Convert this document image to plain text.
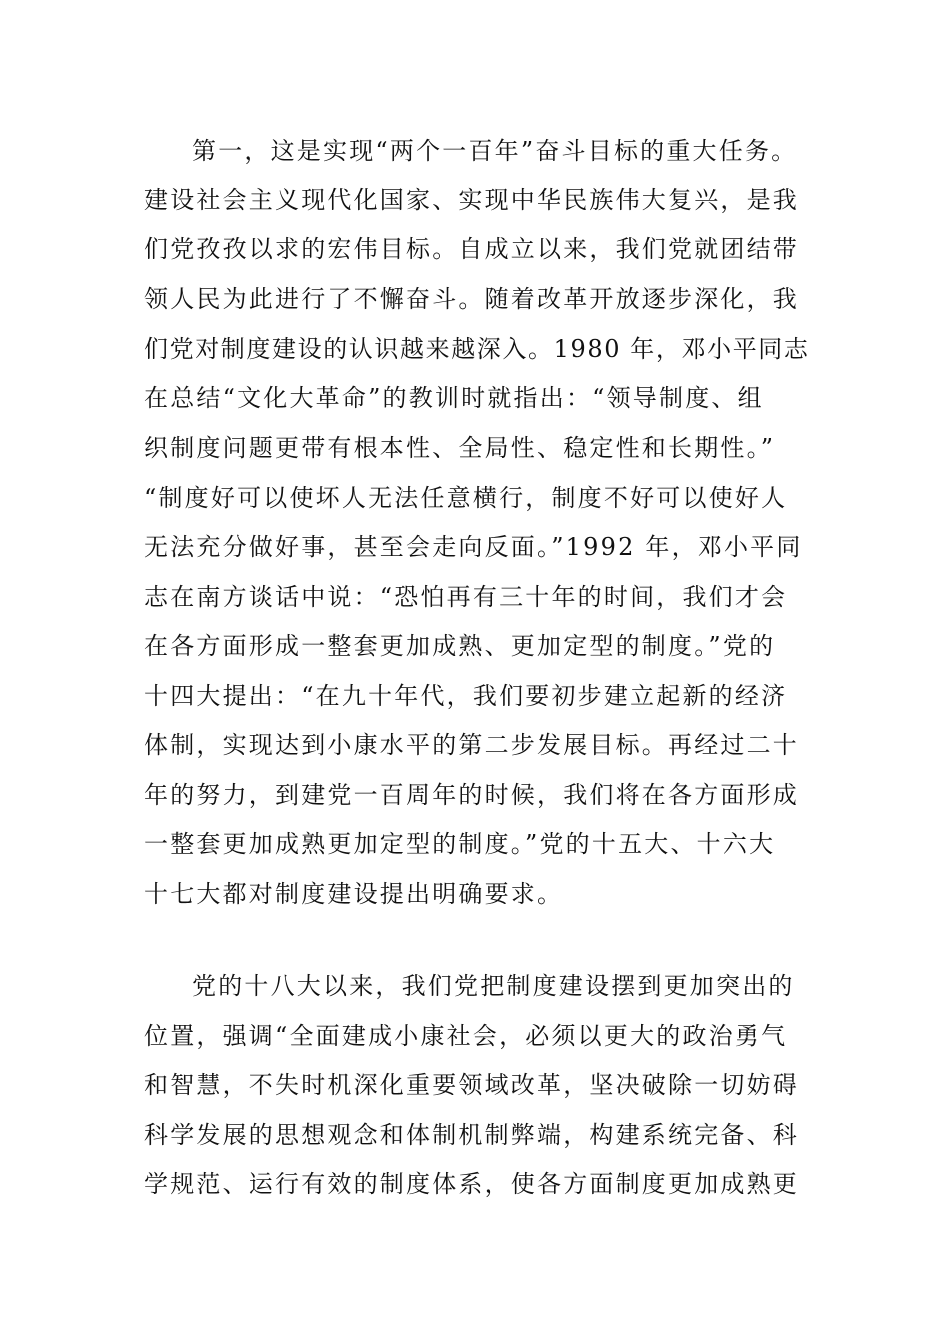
第一，这是实现“两个一百年”奋斗目标的重大任务。
建设社会主义现代化国家、实现中华民族伟大复兴，是我
们党孜孜以求的宏伟目标。自成立以来，我们党就团结带
领人民为此进行了不懈奋斗。随着改革开放逐步深化，我
们党对制度建设的认识越来越深入。1980 年，邓小平同志
在总结“文化大革命”的教训时就指出：“领导制度、组
织制度问题更带有根本性、全局性、稳定性和长期性。”
“制度好可以使坏人无法任意横行，制度不好可以使好人
无法充分做好事，甚至会走向反面。”1992 年，邓小平同
志在南方谈话中说：“恐怕再有三十年的时间，我们才会
在各方面形成一整套更加成熟、更加定型的制度。”党的
十四大提出：“在九十年代，我们要初步建立起新的经济
体制，实现达到小康水平的第二步发展目标。再经过二十
年的努力，到建党一百周年的时候，我们将在各方面形成
一整套更加成熟更加定型的制度。”党的十五大、十六大
十七大都对制度建设提出明确要求。
党的十八大以来，我们党把制度建设摆到更加突出的
位置，强调“全面建成小康社会，必须以更大的政治勇气
和智慧，不失时机深化重要领域改革，坚决破除一切妨碍
科学发展的思想观念和体制机制弊端，构建系统完备、科
学规范、运行有效的制度体系，使各方面制度更加成熟更
